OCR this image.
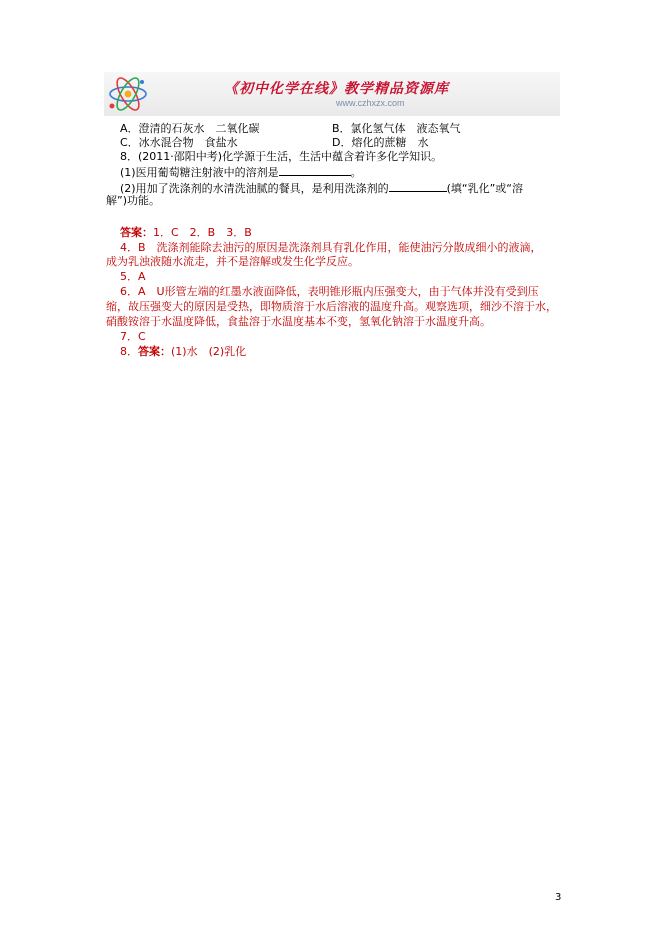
《初中化学在线》教学精品资源库
www.czhxzx.com
A．澄清的石灰水　二氧化碳	B．氯化氢气体　液态氧气
C．冰水混合物　食盐水	D．熔化的蔗糖　水
8．(2011·邵阳中考)化学源于生活，生活中蕴含着许多化学知识。
(1)医用葡萄糖注射液中的溶剂是	。
(2)用加了洗涤剂的水清洗油腻的餐具，是利用洗涤剂的	(填“乳化”或“溶
解”)功能。
答案：1．C　2．B　3．B
4．B　洗涤剂能除去油污的原因是洗涤剂具有乳化作用，能使油污分散成细小的液滴，
成为乳浊液随水流走，并不是溶解或发生化学反应。
5．A
6．A　U形管左端的红墨水液面降低，表明锥形瓶内压强变大，由于气体并没有受到压
缩，故压强变大的原因是受热，即物质溶于水后溶液的温度升高。观察选项，细沙不溶于水，
硝酸铵溶于水温度降低，食盐溶于水温度基本不变，氢氧化钠溶于水温度升高。
7．C
8．答案：(1)水　(2)乳化
3
